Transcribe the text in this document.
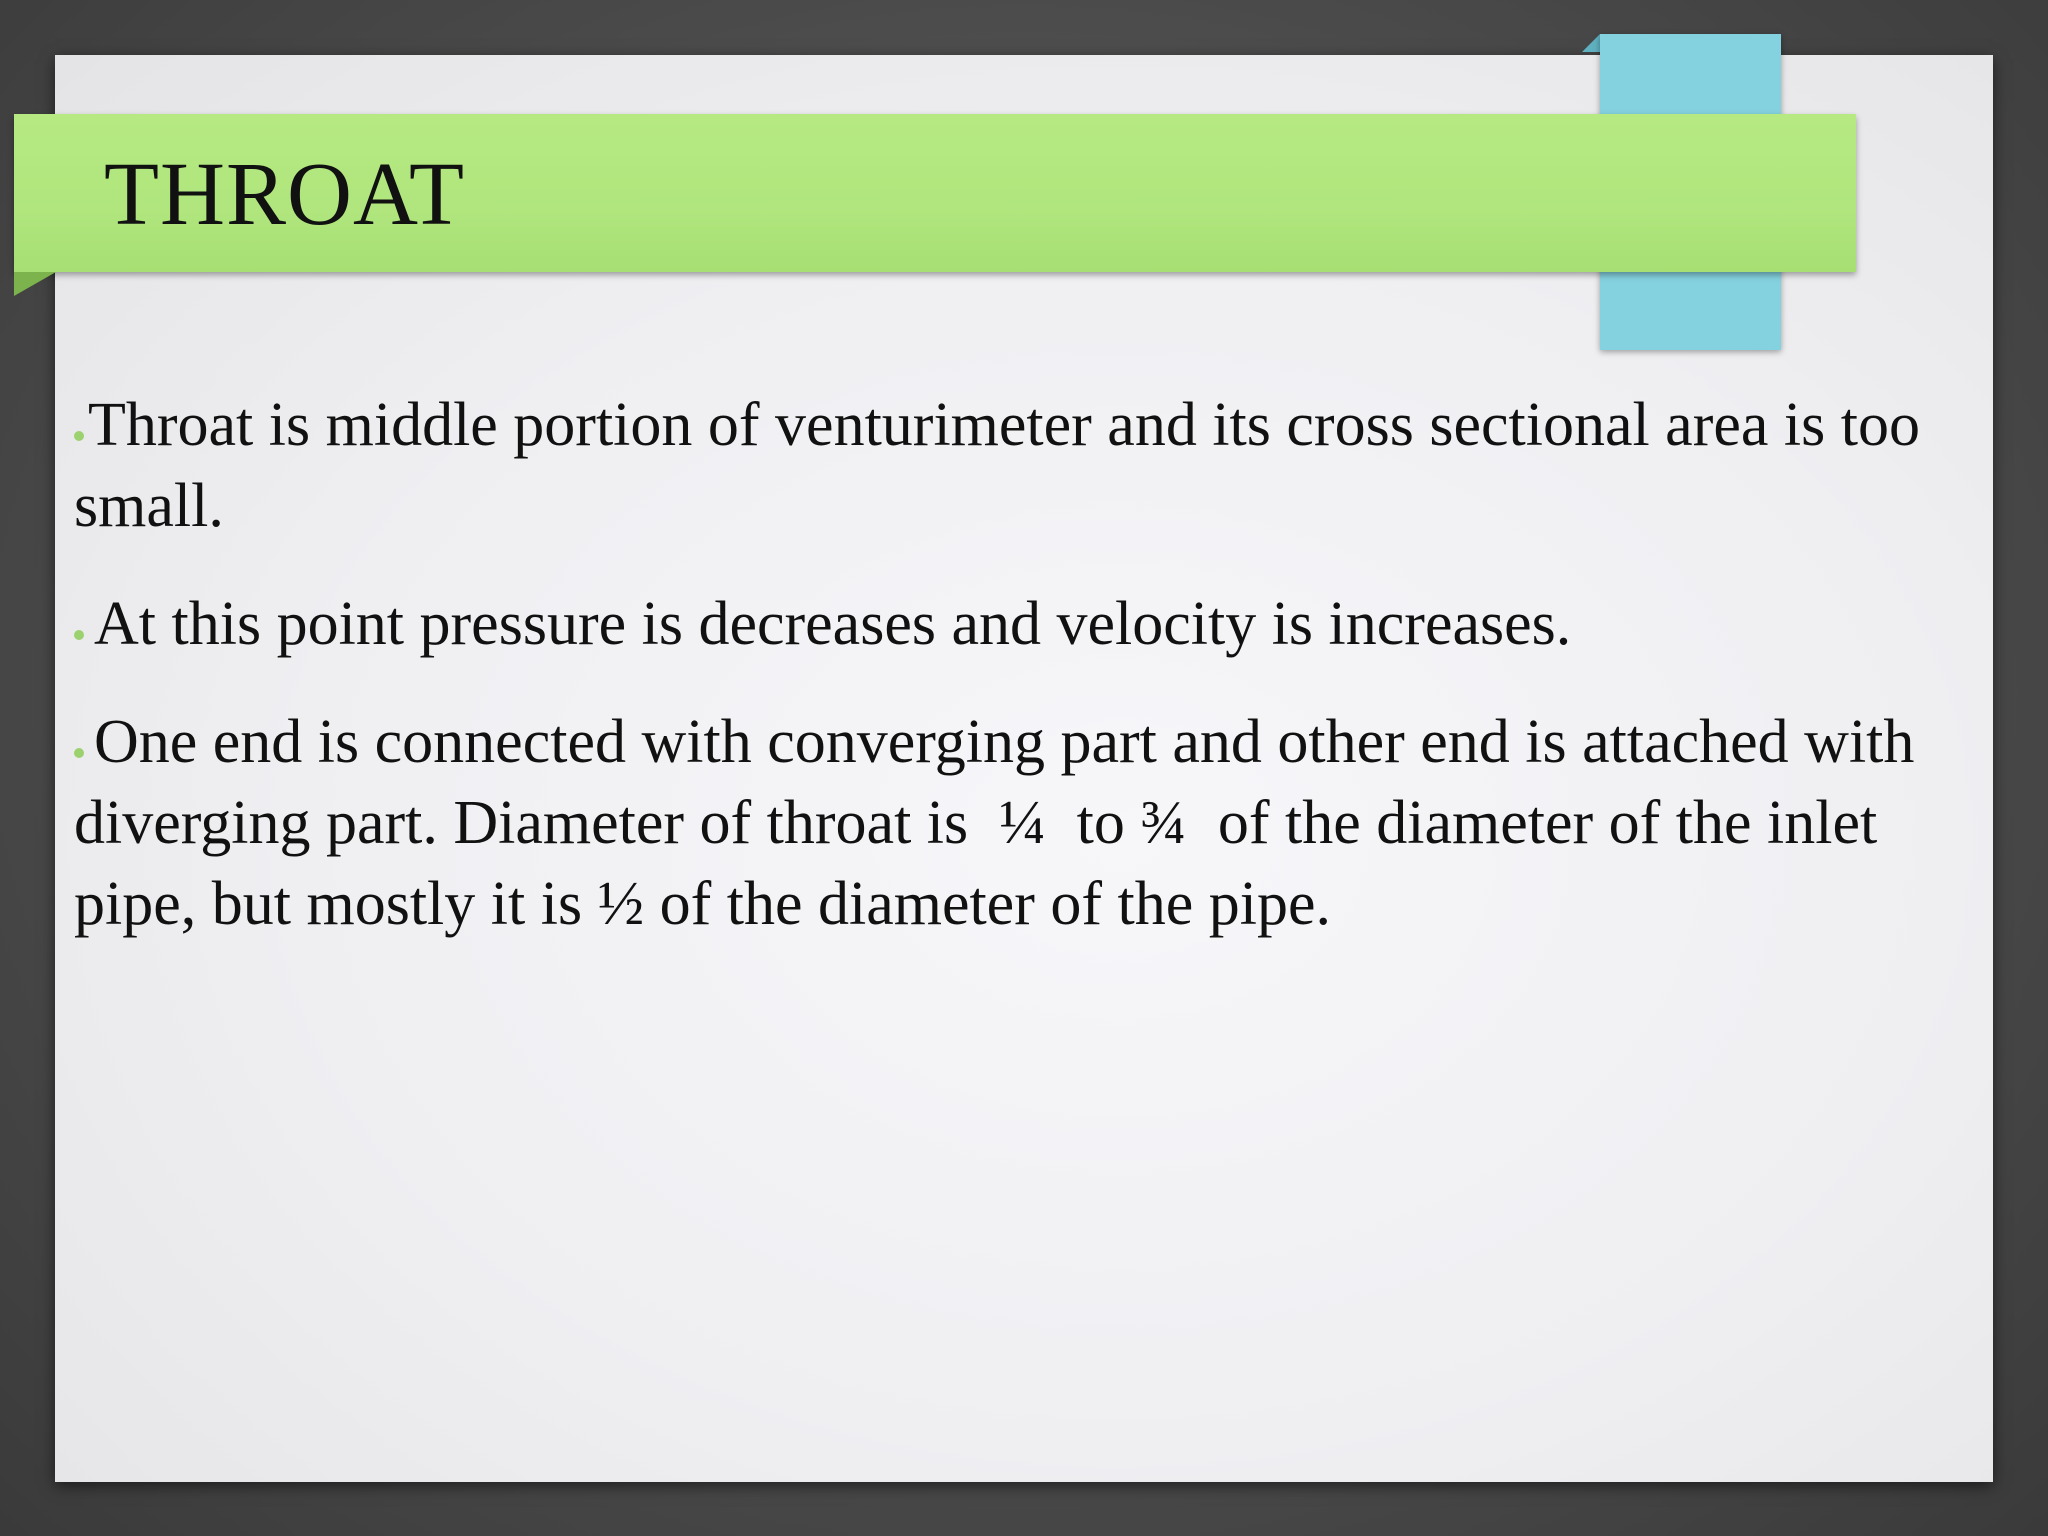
THROAT

Throat is middle portion of venturimeter and its cross sectional area is too small.

At this point pressure is decreases and velocity is increases.

One end is connected with converging part and other end is attached with diverging part. Diameter of throat is  ¼  to ¾  of the diameter of the inlet pipe, but mostly it is ½ of the diameter of the pipe.
